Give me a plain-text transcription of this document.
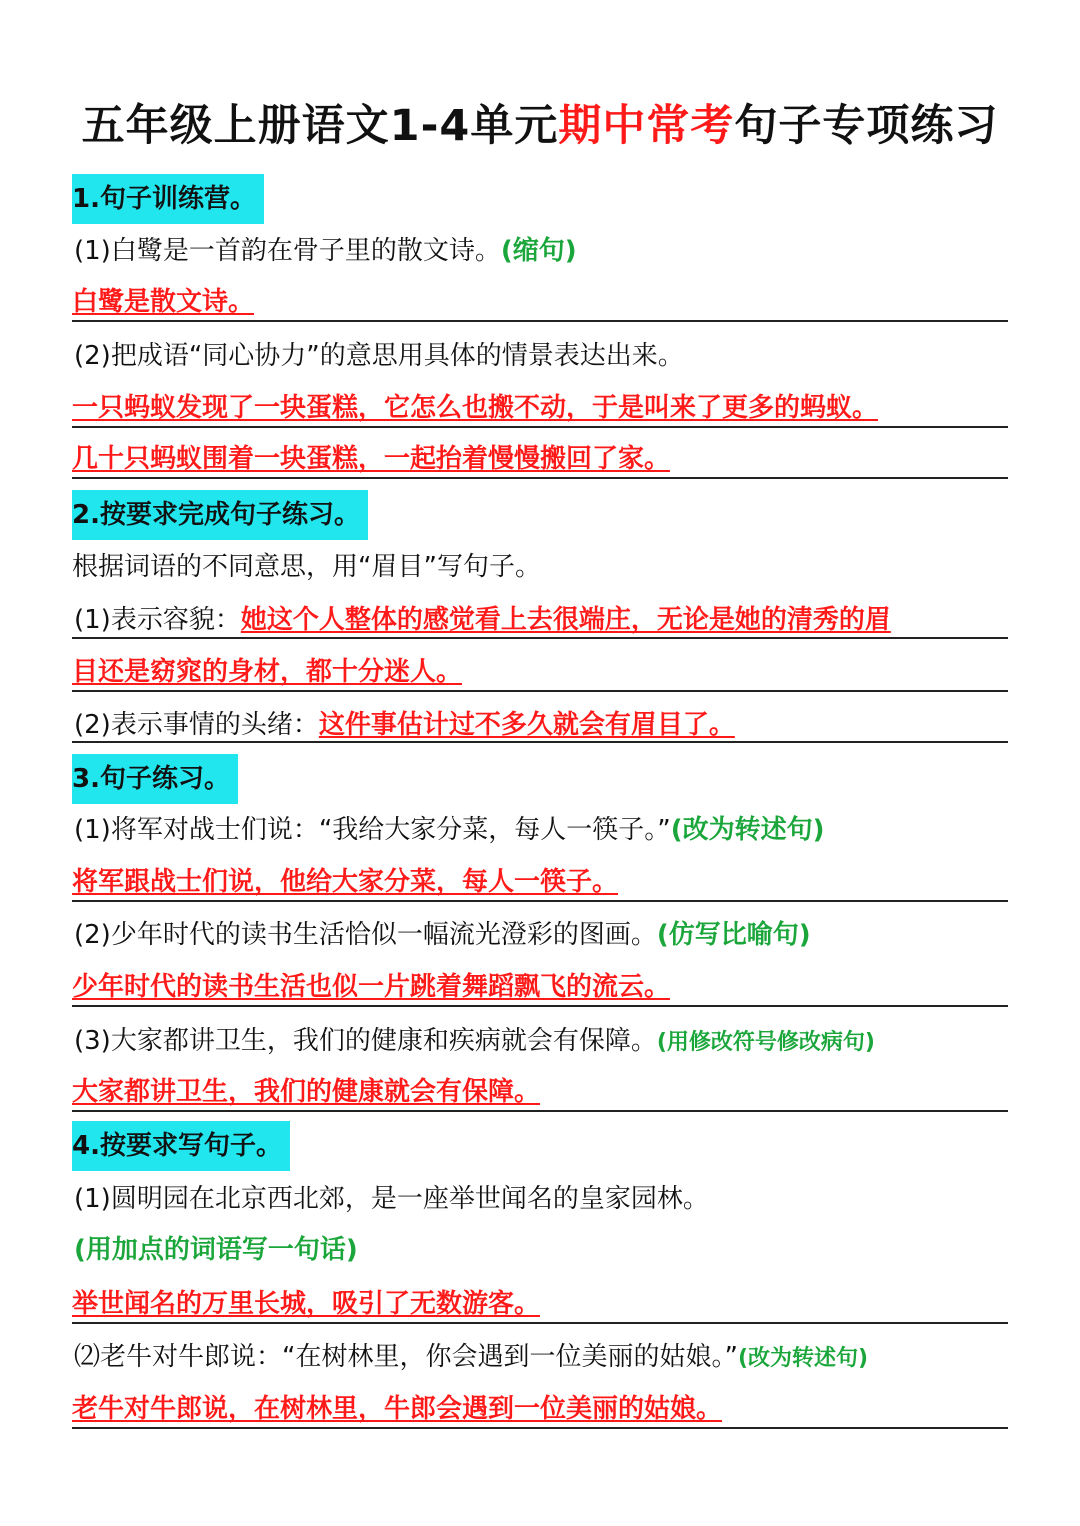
五年级上册语文1-4单元期中常考句子专项练习
1.句子训练营。
(1)白鹭是一首韵在骨子里的散文诗。(缩句)
白鹭是散文诗。
(2)把成语“同心协力”的意思用具体的情景表达出来。
一只蚂蚁发现了一块蛋糕，它怎么也搬不动，于是叫来了更多的蚂蚁。
几十只蚂蚁围着一块蛋糕，一起抬着慢慢搬回了家。
2.按要求完成句子练习。
根据词语的不同意思，用“眉目”写句子。
(1)表示容貌：她这个人整体的感觉看上去很端庄，无论是她的清秀的眉
目还是窈窕的身材，都十分迷人。
(2)表示事情的头绪：这件事估计过不多久就会有眉目了。
3.句子练习。
(1)将军对战士们说：“我给大家分菜，每人一筷子。”(改为转述句)
将军跟战士们说，他给大家分菜，每人一筷子。
(2)少年时代的读书生活恰似一幅流光澄彩的图画。(仿写比喻句)
少年时代的读书生活也似一片跳着舞蹈飘飞的流云。
(3)大家都讲卫生，我们的健康和疾病就会有保障。(用修改符号修改病句)
大家都讲卫生，我们的健康就会有保障。
4.按要求写句子。
(1)圆明园在北京西北郊，是一座举世闻名的皇家园林。
(用加点的词语写一句话)
举世闻名的万里长城，吸引了无数游客。
⑵老牛对牛郎说：“在树林里，你会遇到一位美丽的姑娘。”(改为转述句)
老牛对牛郎说，在树林里，牛郎会遇到一位美丽的姑娘。
